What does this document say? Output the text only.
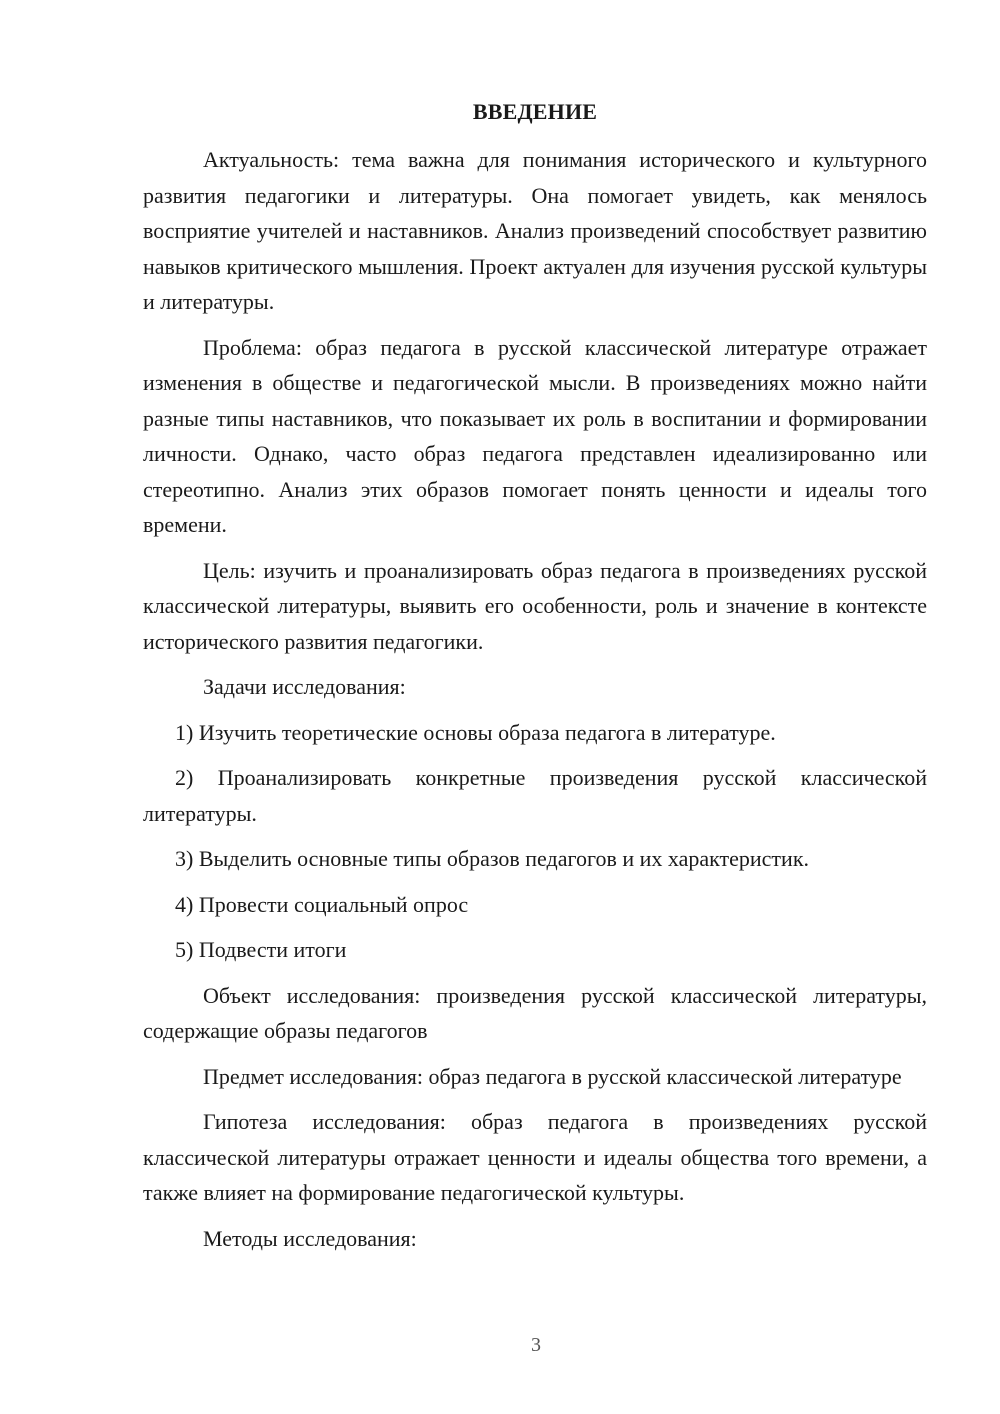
ВВЕДЕНИЕ

Актуальность: тема важна для понимания исторического и культурного развития педагогики и литературы. Она помогает увидеть, как менялось восприятие учителей и наставников. Анализ произведений способствует развитию навыков критического мышления. Проект актуален для изучения русской культуры и литературы.

Проблема: образ педагога в русской классической литературе отражает изменения в обществе и педагогической мысли. В произведениях можно найти разные типы наставников, что показывает их роль в воспитании и формировании личности. Однако, часто образ педагога представлен идеализированно или стереотипно. Анализ этих образов помогает понять ценности и идеалы того времени.

Цель: изучить и проанализировать образ педагога в произведениях русской классической литературы, выявить его особенности, роль и значение в контексте исторического развития педагогики.

Задачи исследования:

1) Изучить теоретические основы образа педагога в литературе.

2) Проанализировать конкретные произведения русской классической литературы.

3) Выделить основные типы образов педагогов и их характеристик.

4) Провести социальный опрос

5) Подвести итоги

Объект исследования: произведения русской классической литературы, содержащие образы педагогов

Предмет исследования: образ педагога в русской классической литературе

Гипотеза исследования: образ педагога в произведениях русской классической литературы отражает ценности и идеалы общества того времени, а также влияет на формирование педагогической культуры.

Методы исследования:

3
